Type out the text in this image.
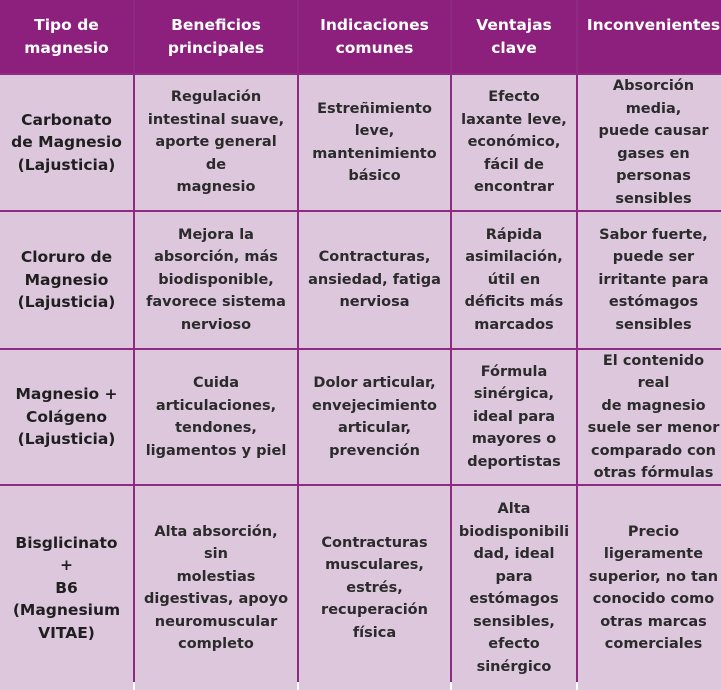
Tipo de
magnesio
Beneficios
principales
Indicaciones
comunes
Ventajas
clave
Inconvenientes
Carbonato
de Magnesio
(Lajusticia)
Regulación
intestinal suave,
aporte general de
magnesio
Estreñimiento
leve,
mantenimiento
básico
Efecto
laxante leve,
económico,
fácil de
encontrar
Absorción media,
puede causar
gases en
personas
sensibles
Cloruro de
Magnesio
(Lajusticia)
Mejora la
absorción, más
biodisponible,
favorece sistema
nervioso
Contracturas,
ansiedad, fatiga
nerviosa
Rápida
asimilación,
útil en
déficits más
marcados
Sabor fuerte,
puede ser
irritante para
estómagos
sensibles
Magnesio +
Colágeno
(Lajusticia)
Cuida
articulaciones,
tendones,
ligamentos y piel
Dolor articular,
envejecimiento
articular,
prevención
Fórmula
sinérgica,
ideal para
mayores o
deportistas
El contenido real
de magnesio
suele ser menor
comparado con
otras fórmulas
Bisglicinato +
B6
(Magnesium
VITAE)
Alta absorción, sin
molestias
digestivas, apoyo
neuromuscular
completo
Contracturas
musculares,
estrés,
recuperación
física
Alta
biodisponibili
dad, ideal
para
estómagos
sensibles,
efecto
sinérgico
Precio
ligeramente
superior, no tan
conocido como
otras marcas
comerciales
